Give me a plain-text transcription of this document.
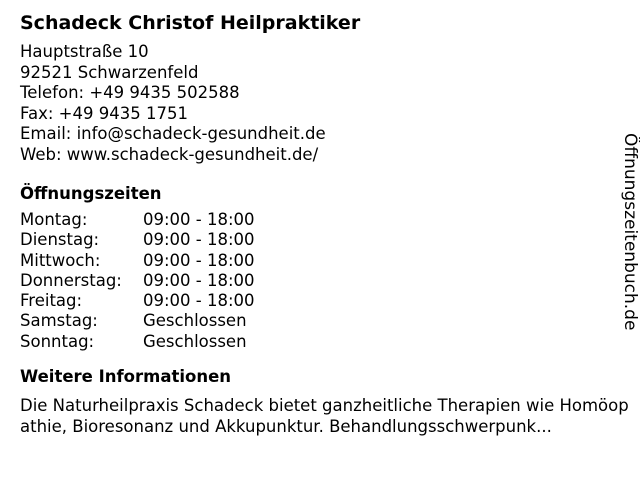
Schadeck Christof Heilpraktiker
Hauptstraße 10
92521 Schwarzenfeld
Telefon: +49 9435 502588
Fax: +49 9435 1751
Email: info@schadeck-gesundheit.de
Web: www.schadeck-gesundheit.de/
Öffnungszeiten
Montag:	09:00 - 18:00
Dienstag:	09:00 - 18:00
Mittwoch:	09:00 - 18:00
Donnerstag:	09:00 - 18:00
Freitag:	09:00 - 18:00
Samstag:	Geschlossen
Sonntag:	Geschlossen
Weitere Informationen
Die Naturheilpraxis Schadeck bietet ganzheitliche Therapien wie Homöopathie, Bioresonanz und Akkupunktur. Behandlungsschwerpunk...
Öffnungszeitenbuch.de
